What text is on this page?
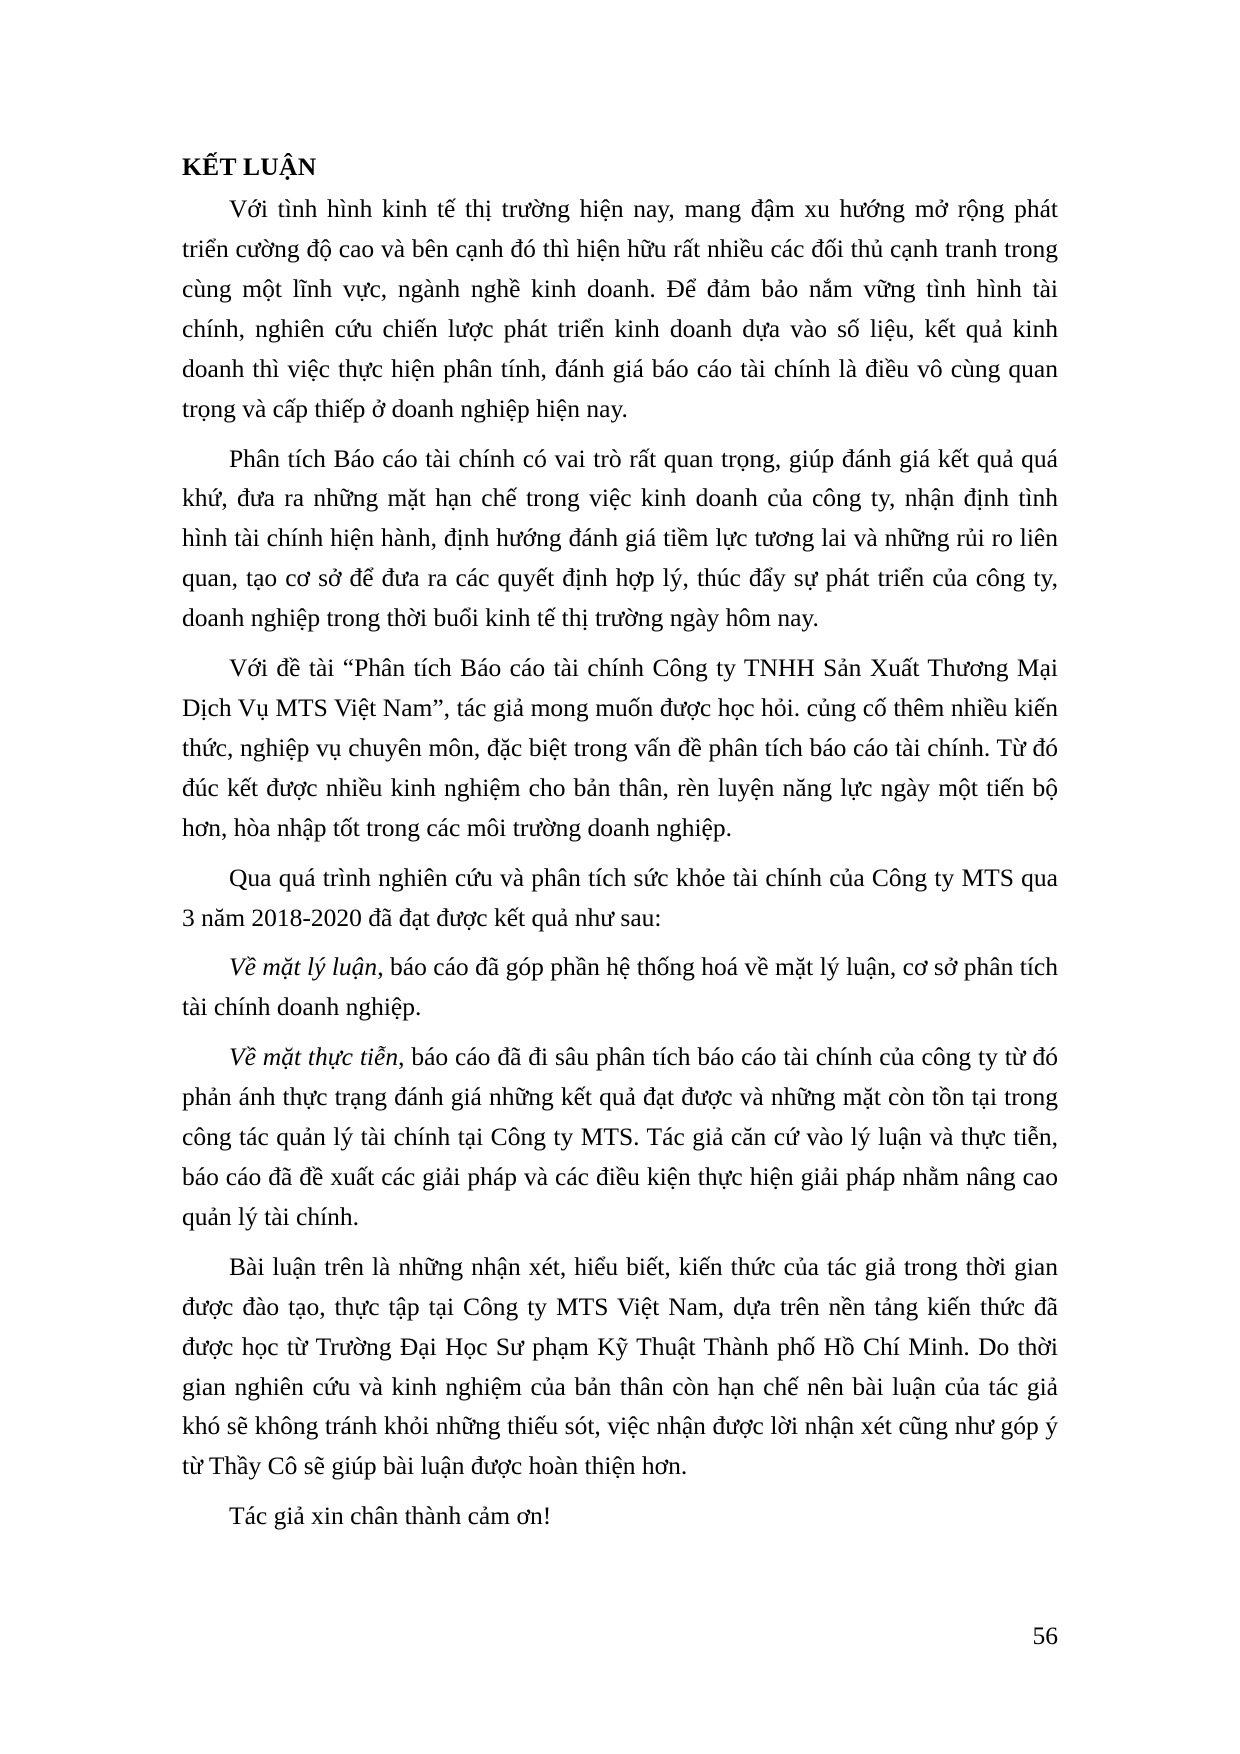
KẾT LUẬN

Với tình hình kinh tế thị trường hiện nay, mang đậm xu hướng mở rộng phát triển cường độ cao và bên cạnh đó thì hiện hữu rất nhiều các đối thủ cạnh tranh trong cùng một lĩnh vực, ngành nghề kinh doanh. Để đảm bảo nắm vững tình hình tài chính, nghiên cứu chiến lược phát triển kinh doanh dựa vào số liệu, kết quả kinh doanh thì việc thực hiện phân tính, đánh giá báo cáo tài chính là điều vô cùng quan trọng và cấp thiếp ở doanh nghiệp hiện nay.

Phân tích Báo cáo tài chính có vai trò rất quan trọng, giúp đánh giá kết quả quá khứ, đưa ra những mặt hạn chế trong việc kinh doanh của công ty, nhận định tình hình tài chính hiện hành, định hướng đánh giá tiềm lực tương lai và những rủi ro liên quan, tạo cơ sở để đưa ra các quyết định hợp lý, thúc đẩy sự phát triển của công ty, doanh nghiệp trong thời buổi kinh tế thị trường ngày hôm nay.

Với đề tài “Phân tích Báo cáo tài chính Công ty TNHH Sản Xuất Thương Mại Dịch Vụ MTS Việt Nam”, tác giả mong muốn được học hỏi. củng cố thêm nhiều kiến thức, nghiệp vụ chuyên môn, đặc biệt trong vấn đề phân tích báo cáo tài chính. Từ đó đúc kết được nhiều kinh nghiệm cho bản thân, rèn luyện năng lực ngày một tiến bộ hơn, hòa nhập tốt trong các môi trường doanh nghiệp.

Qua quá trình nghiên cứu và phân tích sức khỏe tài chính của Công ty MTS qua 3 năm 2018-2020 đã đạt được kết quả như sau:

Về mặt lý luận, báo cáo đã góp phần hệ thống hoá về mặt lý luận, cơ sở phân tích tài chính doanh nghiệp.

Về mặt thực tiễn, báo cáo đã đi sâu phân tích báo cáo tài chính của công ty từ đó phản ánh thực trạng đánh giá những kết quả đạt được và những mặt còn tồn tại trong công tác quản lý tài chính tại Công ty MTS. Tác giả căn cứ vào lý luận và thực tiễn, báo cáo đã đề xuất các giải pháp và các điều kiện thực hiện giải pháp nhằm nâng cao quản lý tài chính.

Bài luận trên là những nhận xét, hiểu biết, kiến thức của tác giả trong thời gian được đào tạo, thực tập tại Công ty MTS Việt Nam, dựa trên nền tảng kiến thức đã được học từ Trường Đại Học Sư phạm Kỹ Thuật Thành phố Hồ Chí Minh. Do thời gian nghiên cứu và kinh nghiệm của bản thân còn hạn chế nên bài luận của tác giả khó sẽ không tránh khỏi những thiếu sót, việc nhận được lời nhận xét cũng như góp ý từ Thầy Cô sẽ giúp bài luận được hoàn thiện hơn.

Tác giả xin chân thành cảm ơn!

56
